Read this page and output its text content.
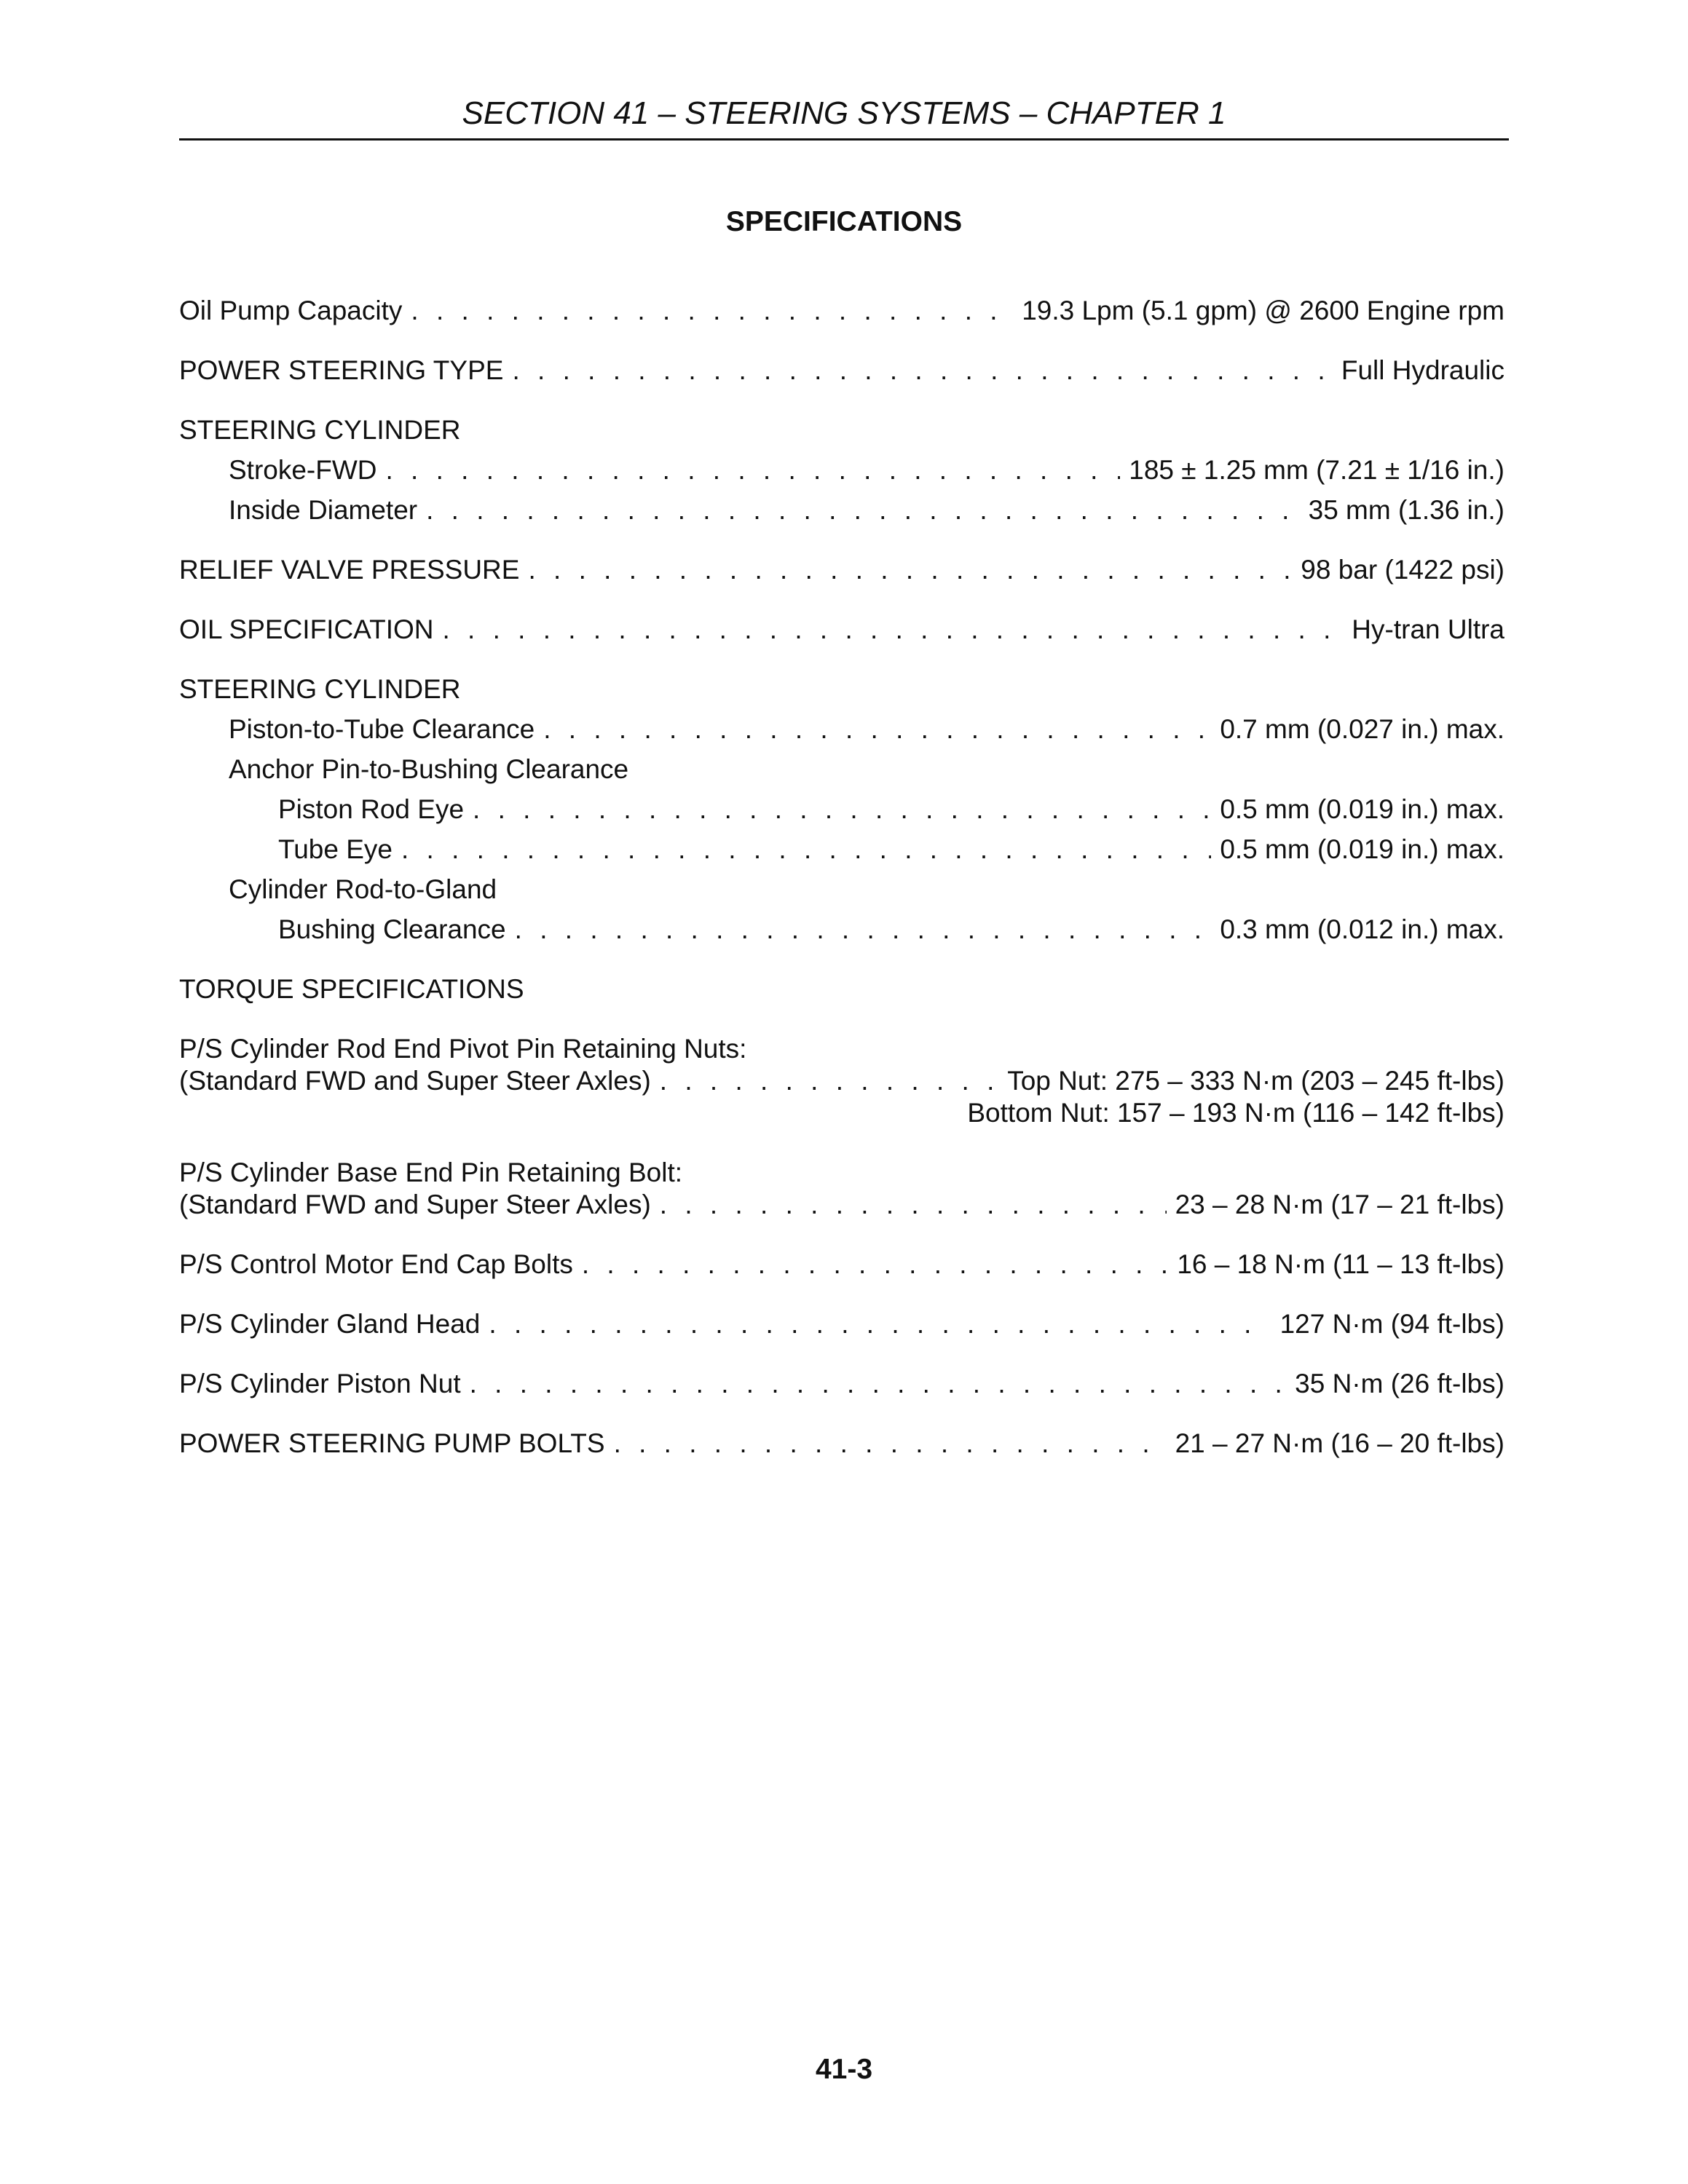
SECTION 41 – STEERING SYSTEMS – CHAPTER 1
SPECIFICATIONS
Oil Pump Capacity . . .	19.3 Lpm (5.1 gpm) @ 2600 Engine rpm
POWER STEERING TYPE . . .	Full Hydraulic
STEERING CYLINDER
Stroke-FWD . . .	185 ± 1.25 mm (7.21 ± 1/16 in.)
Inside Diameter . . .	35 mm (1.36 in.)
RELIEF VALVE PRESSURE . . .	98 bar (1422 psi)
OIL SPECIFICATION . . .	Hy-tran Ultra
STEERING CYLINDER
Piston-to-Tube Clearance . . .	0.7 mm (0.027 in.) max.
Anchor Pin-to-Bushing Clearance
Piston Rod Eye . . .	0.5 mm (0.019 in.) max.
Tube Eye . . .	0.5 mm (0.019 in.) max.
Cylinder Rod-to-Gland
Bushing Clearance . . .	0.3 mm (0.012 in.) max.
TORQUE SPECIFICATIONS
P/S Cylinder Rod End Pivot Pin Retaining Nuts:
(Standard FWD and Super Steer Axles) . . .	Top Nut: 275 – 333 N·m (203 – 245 ft-lbs)
Bottom Nut: 157 – 193 N·m (116 – 142 ft-lbs)
P/S Cylinder Base End Pin Retaining Bolt:
(Standard FWD and Super Steer Axles) . . .	23 – 28 N·m (17 – 21 ft-lbs)
P/S Control Motor End Cap Bolts . . .	16 – 18 N·m (11 – 13 ft-lbs)
P/S Cylinder Gland Head . . .	127 N·m (94 ft-lbs)
P/S Cylinder Piston Nut . . .	35 N·m (26 ft-lbs)
POWER STEERING PUMP BOLTS . . .	21 – 27 N·m (16 – 20 ft-lbs)
41-3
